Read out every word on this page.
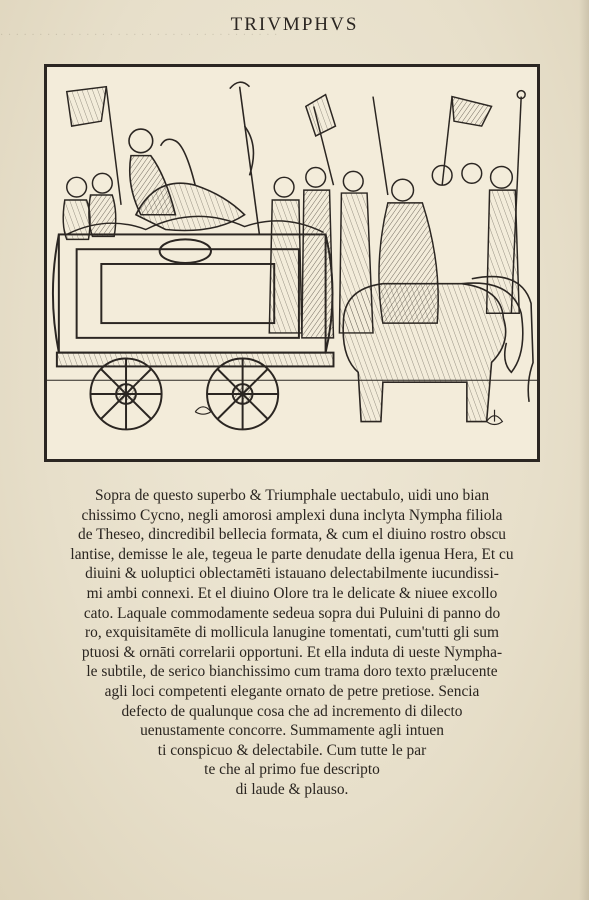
· · · · · · · · · · · · · · · · · · · · · · · · · · · · · · · · · · · ·
TRIVMPHVS
Sopra de questo superbo & Triumphale uectabulo, uidi uno bian
chissimo Cycno, negli amorosi amplexi duna inclyta Nympha filiola
de Theseo, dincredibil bellecia formata, & cum el diuino rostro obscu
lantise, demisse le ale, tegeua le parte denudate della igenua Hera, Et cu
diuini & uoluptici oblectamēti istauano delectabilmente iucundissi-
mi ambi connexi. Et el diuino Olore tra le delicate & niuee excollo
cato. Laquale commodamente sedeua sopra dui Puluini di panno do
ro, exquisitamēte di mollicula lanugine tomentati, cum'tutti gli sum
ptuosi & ornāti correlarii opportuni. Et ella induta di ueste Nympha-
le subtile, de serico bianchissimo cum trama doro texto prælucente
agli loci competenti elegante ornato de petre pretiose. Sencia
defecto de qualunque cosa che ad incremento di dilecto
uenustamente concorre. Summamente agli intuen
ti conspicuo & delectabile. Cum tutte le par
te che al primo fue descripto
di laude & plauso.
